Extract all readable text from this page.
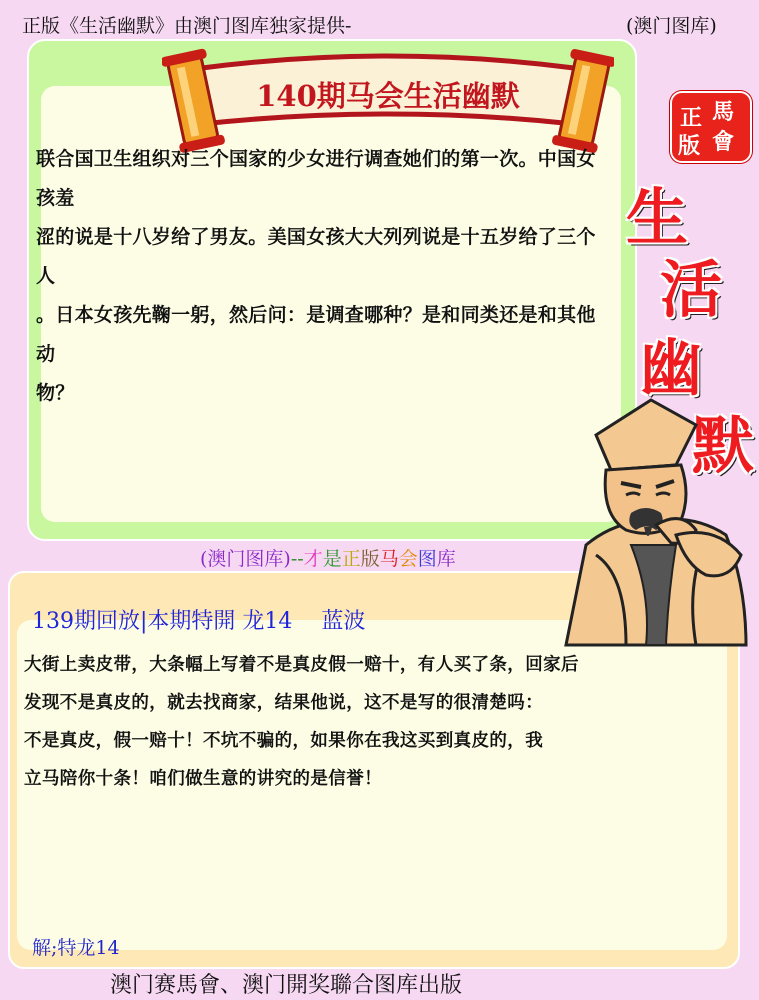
正版《生活幽默》由澳门图库独家提供-	(澳门图库)
140期马会生活幽默
联合国卫生组织对三个国家的少女进行调查她们的第一次。中国女孩羞
涩的说是十八岁给了男友。美国女孩大大列列说是十五岁给了三个人
。日本女孩先鞠一躬，然后问：是调查哪种？是和同类还是和其他动
物？
正 馬
版 會
生
活
幽
默
(澳门图库)--才是正版马会图库
139期回放|本期特開 龙14　 蓝波
大街上卖皮带，大条幅上写着不是真皮假一赔十，有人买了条，回家后
发现不是真皮的，就去找商家，结果他说，这不是写的很清楚吗：
不是真皮，假一赔十！不坑不骗的，如果你在我这买到真皮的，我
立马陪你十条！咱们做生意的讲究的是信誉！
解;特龙14
澳门赛馬會、澳门開奖聯合图库出版
